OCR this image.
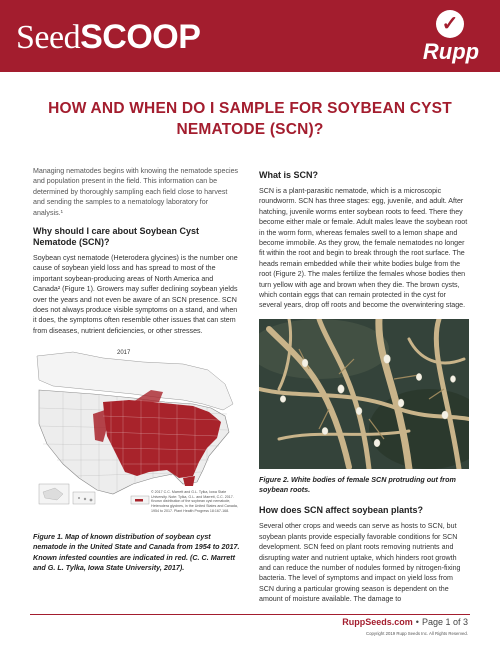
SeedSCOOP	✓
Rupp
HOW AND WHEN DO I SAMPLE FOR SOYBEAN CYST NEMATODE (SCN)?

Managing nematodes begins with knowing the nematode species and population present in the field. This information can be determined by thoroughly sampling each field close to harvest and sending the samples to a nematology laboratory for analysis.¹

Why should I care about Soybean Cyst Nematode (SCN)?

Soybean cyst nematode (Heterodera glycines) is the number one cause of soybean yield loss and has spread to most of the important soybean-producing areas of North America and Canada² (Figure 1). Growers may suffer declining soybean yields over the years and not even be aware of an SCN presence. SCN does not always produce visible symptoms on a stand, and when it does, the symptoms often resemble other issues that can stem from diseases, nutrient deficiencies, or other stresses.

2017
© 2017 C.C. Marrett and G.L. Tylka, Iowa State University. Note: Tylka, G.L. and Marrett, C.C. 2017. Known distribution of the soybean cyst nematode, Heterodera glycines, in the United States and Canada, 1954 to 2017. Plant Health Progress 18:167-168.

Figure 1. Map of known distribution of soybean cyst nematode in the United State and Canada from 1954 to 2017. Known infested counties are indicated in red. (C. C. Marrett and G. L. Tylka, Iowa State University, 2017).

What is SCN?

SCN is a plant-parasitic nematode, which is a microscopic roundworm. SCN has three stages: egg, juvenile, and adult. After hatching, juvenile worms enter soybean roots to feed. There they become either male or female. Adult males leave the soybean root in the worm form, whereas females swell to a lemon shape and become immobile. As they grow, the female nematodes no longer fit within the root and begin to break through the root surface. The heads remain embedded while their white bodies bulge from the root (Figure 2). The males fertilize the females whose bodies then turn yellow with age and brown when they die. The brown cysts, which contain eggs that can remain protected in the cyst for several years, drop off roots and become the overwintering stage.

Figure 2. White bodies of female SCN protruding out from soybean roots.

How does SCN affect soybean plants?

Several other crops and weeds can serve as hosts to SCN, but soybean plants provide especially favorable conditions for SCN development. SCN feed on plant roots removing nutrients and disrupting water and nutrient uptake, which hinders root growth and can reduce the number of nodules formed by nitrogen-fixing bacteria. The level of symptoms and impact on yield loss from SCN during a particular growing season is dependent on the amount of moisture available. The damage to

RuppSeeds.com • Page 1 of 3
Copyright 2019 Rupp Seeds Inc. All Rights Reserved.
